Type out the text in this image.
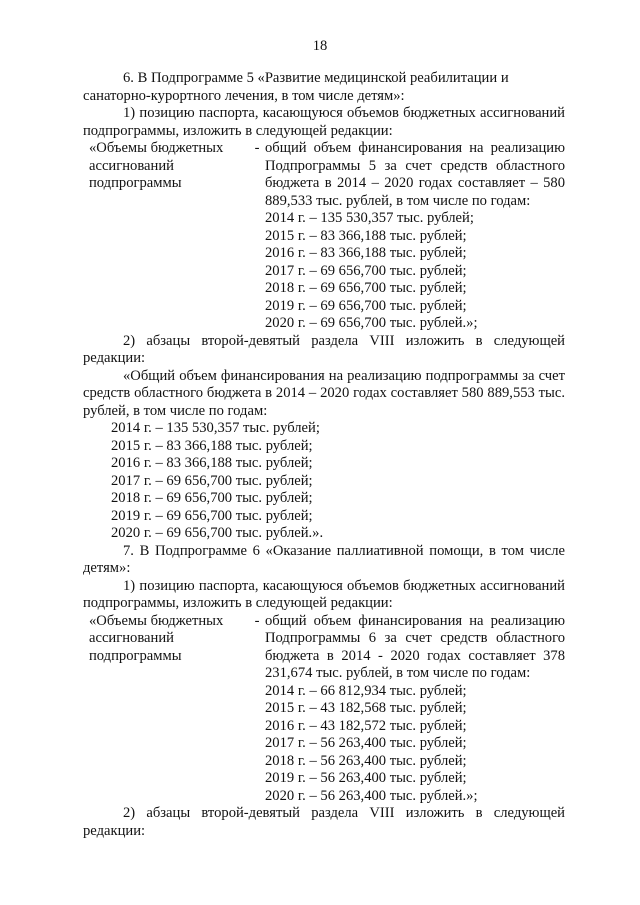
18

6. В Подпрограмме 5 «Развитие медицинской реабилитации и

санаторно-курортного лечения, в том числе детям»:

1) позицию паспорта, касающуюся объемов бюджетных ассигнований подпрограммы, изложить в следующей редакции:

«Объемы бюджетных ассигнований подпрограммы
- общий объем финансирования на реализацию Подпрограммы 5 за счет средств областного бюджета в 2014 – 2020 годах составляет – 580 889,533 тыс. рублей, в том числе по годам:

2014 г. – 135 530,357 тыс. рублей;

2015 г. – 83 366,188 тыс. рублей;

2016 г. – 83 366,188 тыс. рублей;

2017 г. – 69 656,700 тыс. рублей;

2018 г. – 69 656,700 тыс. рублей;

2019 г. – 69 656,700 тыс. рублей;

2020 г. – 69 656,700 тыс. рублей.»;

2) абзацы второй-девятый раздела VIII изложить в следующей редакции:

«Общий объем финансирования на реализацию подпрограммы за счет средств областного бюджета в 2014 – 2020 годах составляет 580 889,553 тыс. рублей, в том числе по годам:

2014 г. – 135 530,357 тыс. рублей;

2015 г. – 83 366,188 тыс. рублей;

2016 г. – 83 366,188 тыс. рублей;

2017 г. – 69 656,700 тыс. рублей;

2018 г. – 69 656,700 тыс. рублей;

2019 г. – 69 656,700 тыс. рублей;

2020 г. – 69 656,700 тыс. рублей.».

7. В Подпрограмме 6 «Оказание паллиативной помощи, в том числе детям»:

1) позицию паспорта, касающуюся объемов бюджетных ассигнований подпрограммы, изложить в следующей редакции:

«Объемы бюджетных ассигнований подпрограммы
- общий объем финансирования на реализацию Подпрограммы 6 за счет средств областного бюджета в 2014 - 2020 годах составляет 378 231,674 тыс. рублей, в том числе по годам:

2014 г. – 66 812,934 тыс. рублей;

2015 г. – 43 182,568 тыс. рублей;

2016 г. – 43 182,572 тыс. рублей;

2017 г. – 56 263,400 тыс. рублей;

2018 г. – 56 263,400 тыс. рублей;

2019 г. – 56 263,400 тыс. рублей;

2020 г. – 56 263,400 тыс. рублей.»;

2) абзацы второй-девятый раздела VIII изложить в следующей редакции:
